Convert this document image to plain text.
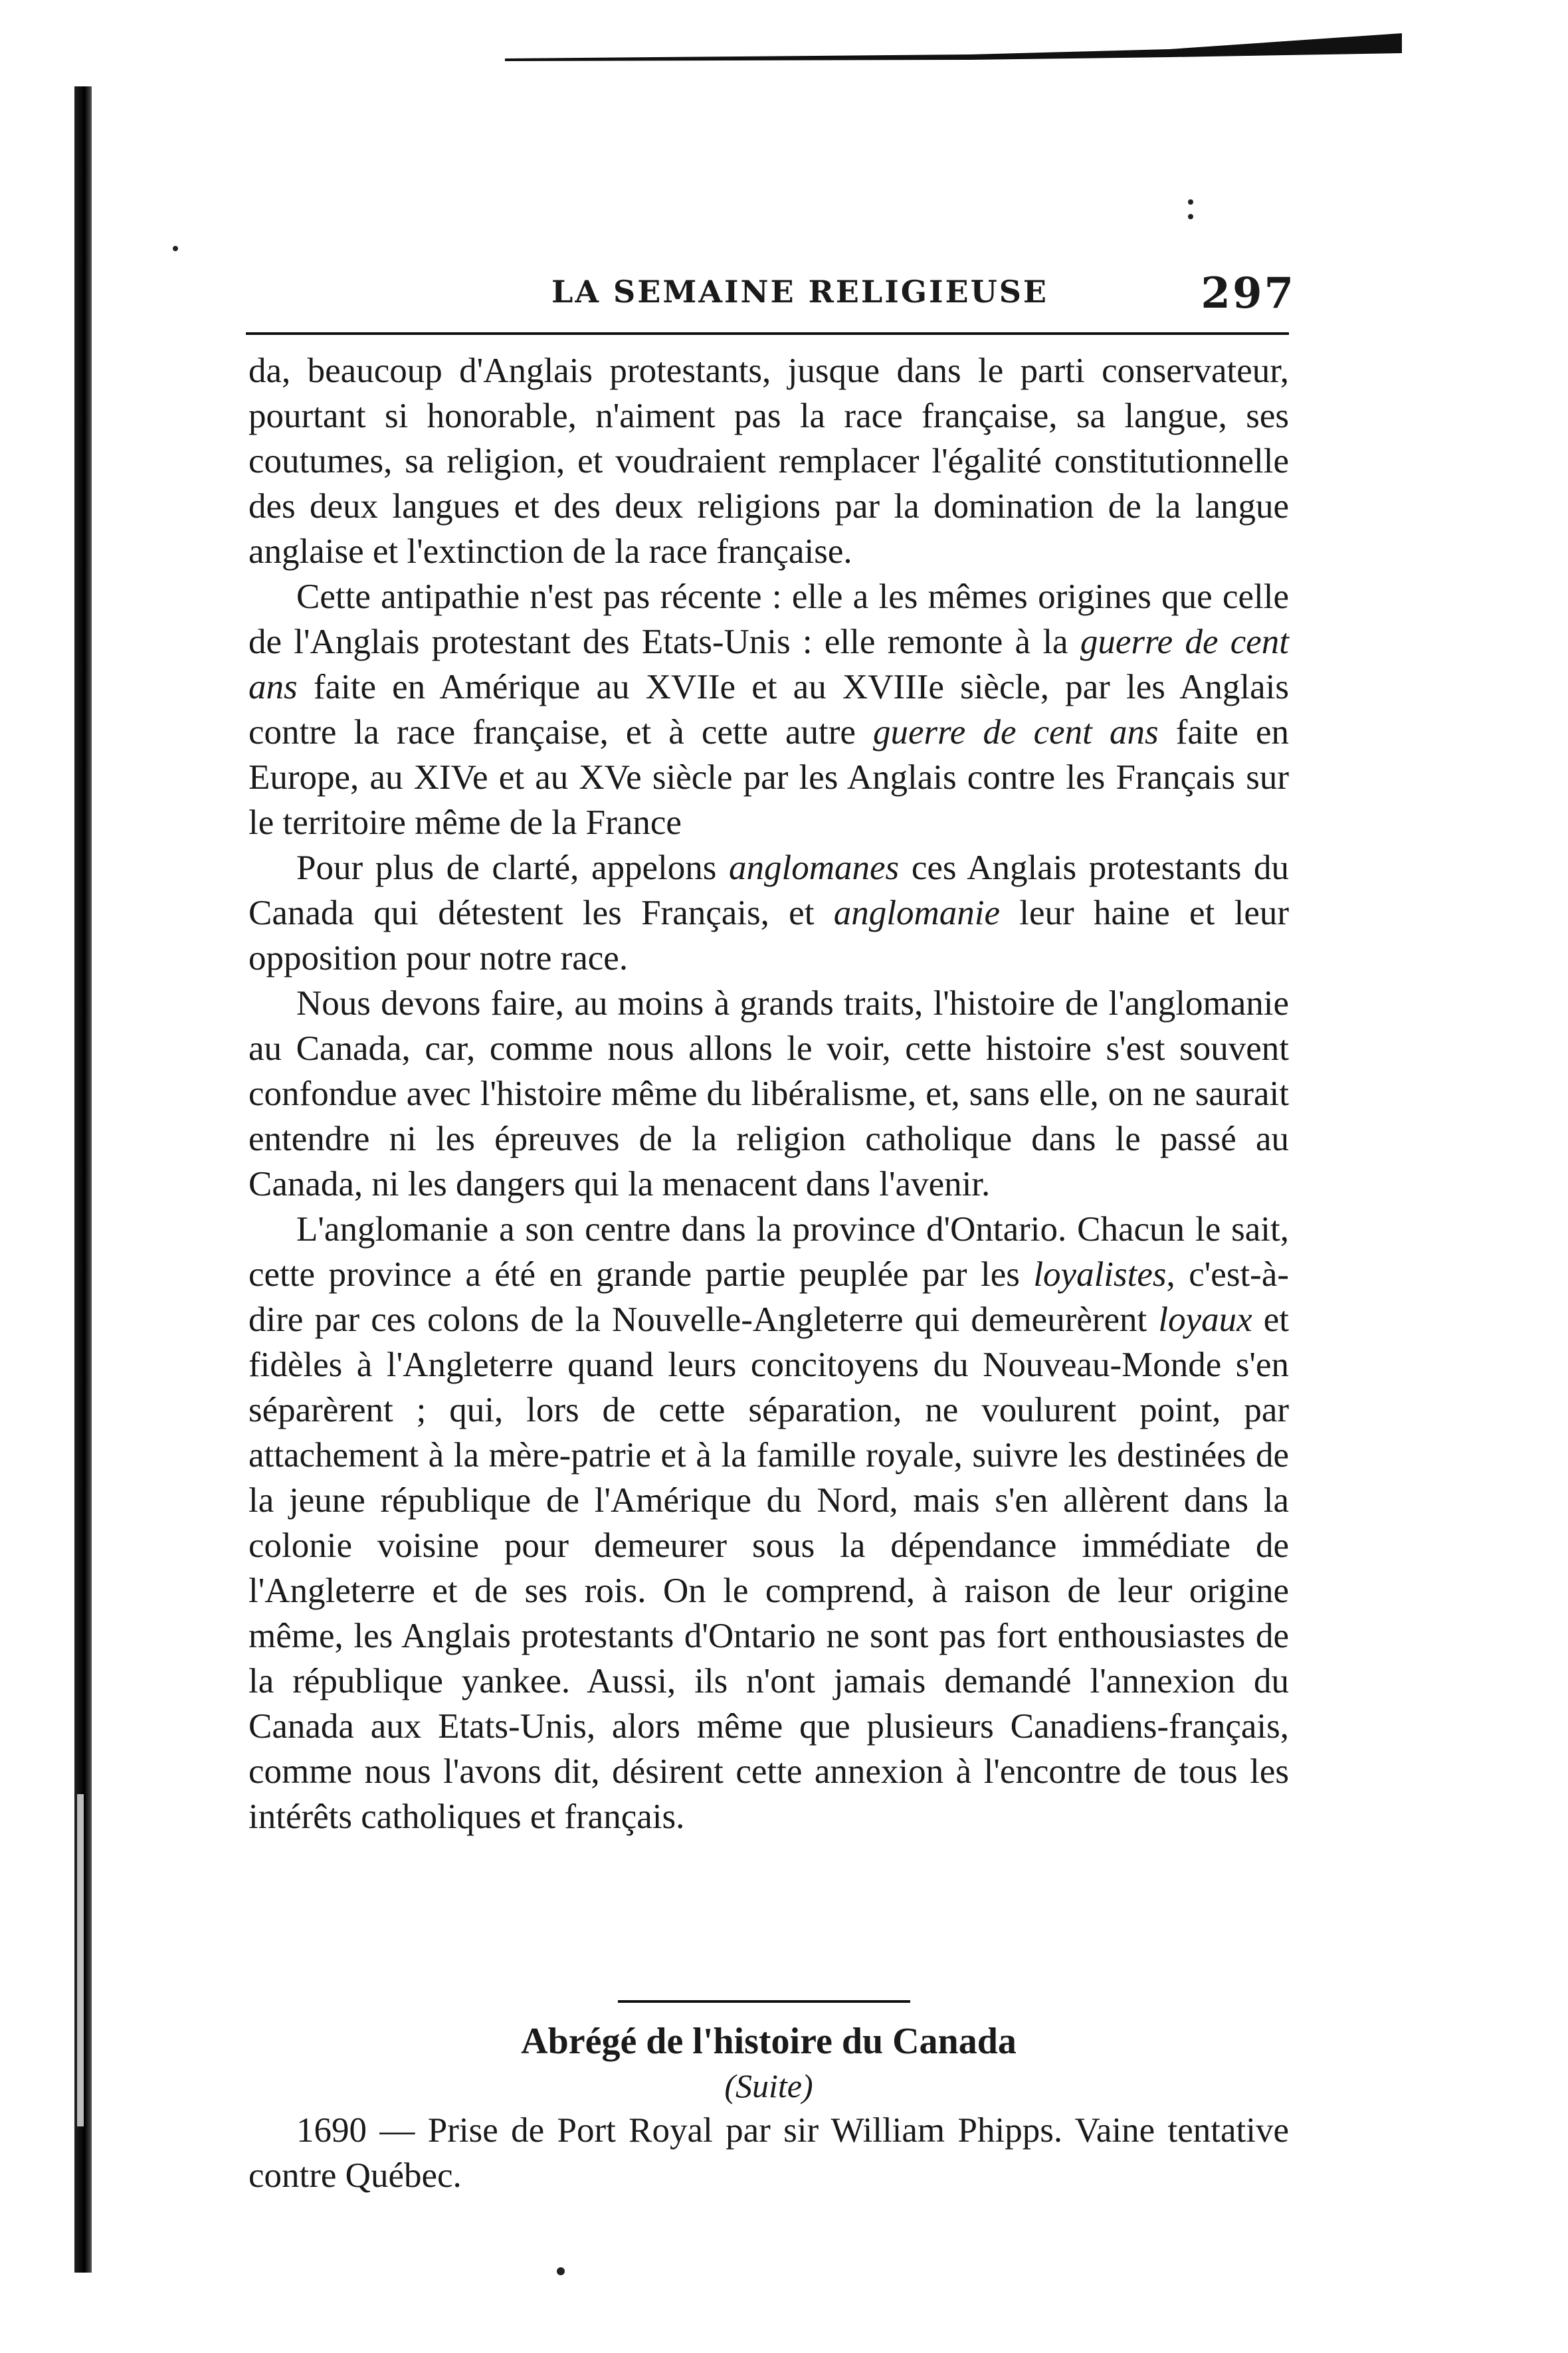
LA SEMAINE RELIGIEUSE	297

da, beaucoup d'Anglais protestants, jusque dans le parti conservateur, pourtant si honorable, n'aiment pas la race française, sa langue, ses coutumes, sa religion, et voudraient remplacer l'égalité constitutionnelle des deux langues et des deux religions par la domination de la langue anglaise et l'extinction de la race française.

Cette antipathie n'est pas récente : elle a les mêmes origines que celle de l'Anglais protestant des Etats-Unis : elle remonte à la guerre de cent ans faite en Amérique au XVIIe et au XVIIIe siècle, par les Anglais contre la race française, et à cette autre guerre de cent ans faite en Europe, au XIVe et au XVe siècle par les Anglais contre les Français sur le territoire même de la France

Pour plus de clarté, appelons anglomanes ces Anglais protestants du Canada qui détestent les Français, et anglomanie leur haine et leur opposition pour notre race.

Nous devons faire, au moins à grands traits, l'histoire de l'anglomanie au Canada, car, comme nous allons le voir, cette histoire s'est souvent confondue avec l'histoire même du libéralisme, et, sans elle, on ne saurait entendre ni les épreuves de la religion catholique dans le passé au Canada, ni les dangers qui la menacent dans l'avenir.

L'anglomanie a son centre dans la province d'Ontario. Chacun le sait, cette province a été en grande partie peuplée par les loyalistes, c'est-à-dire par ces colons de la Nouvelle-Angleterre qui demeurèrent loyaux et fidèles à l'Angleterre quand leurs concitoyens du Nouveau-Monde s'en séparèrent ; qui, lors de cette séparation, ne voulurent point, par attachement à la mère-patrie et à la famille royale, suivre les destinées de la jeune république de l'Amérique du Nord, mais s'en allèrent dans la colonie voisine pour demeurer sous la dépendance immédiate de l'Angleterre et de ses rois. On le comprend, à raison de leur origine même, les Anglais protestants d'Ontario ne sont pas fort enthousiastes de la république yankee. Aussi, ils n'ont jamais demandé l'annexion du Canada aux Etats-Unis, alors même que plusieurs Canadiens-français, comme nous l'avons dit, désirent cette annexion à l'encontre de tous les intérêts catholiques et français.

Abrégé de l'histoire du Canada
(Suite)

1690 — Prise de Port Royal par sir William Phipps. Vaine tentative contre Québec.
